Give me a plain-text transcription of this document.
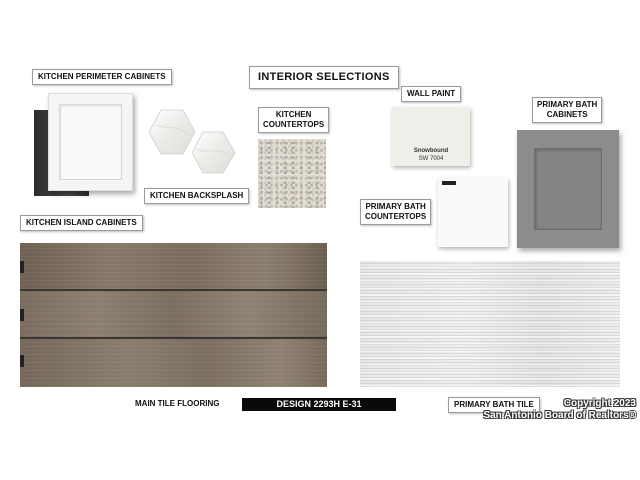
INTERIOR SELECTIONS
KITCHEN PERIMETER CABINETS
KITCHEN BACKSPLASH
KITCHEN
COUNTERTOPS
KITCHEN ISLAND CABINETS
MAIN TILE FLOORING	DESIGN 2293H E-31
WALL PAINT
Snowbound
SW 7004
PRIMARY BATH
COUNTERTOPS
PRIMARY BATH
CABINETS
PRIMARY BATH TILE	Copyright 2023
San Antonio Board of Realtors®
